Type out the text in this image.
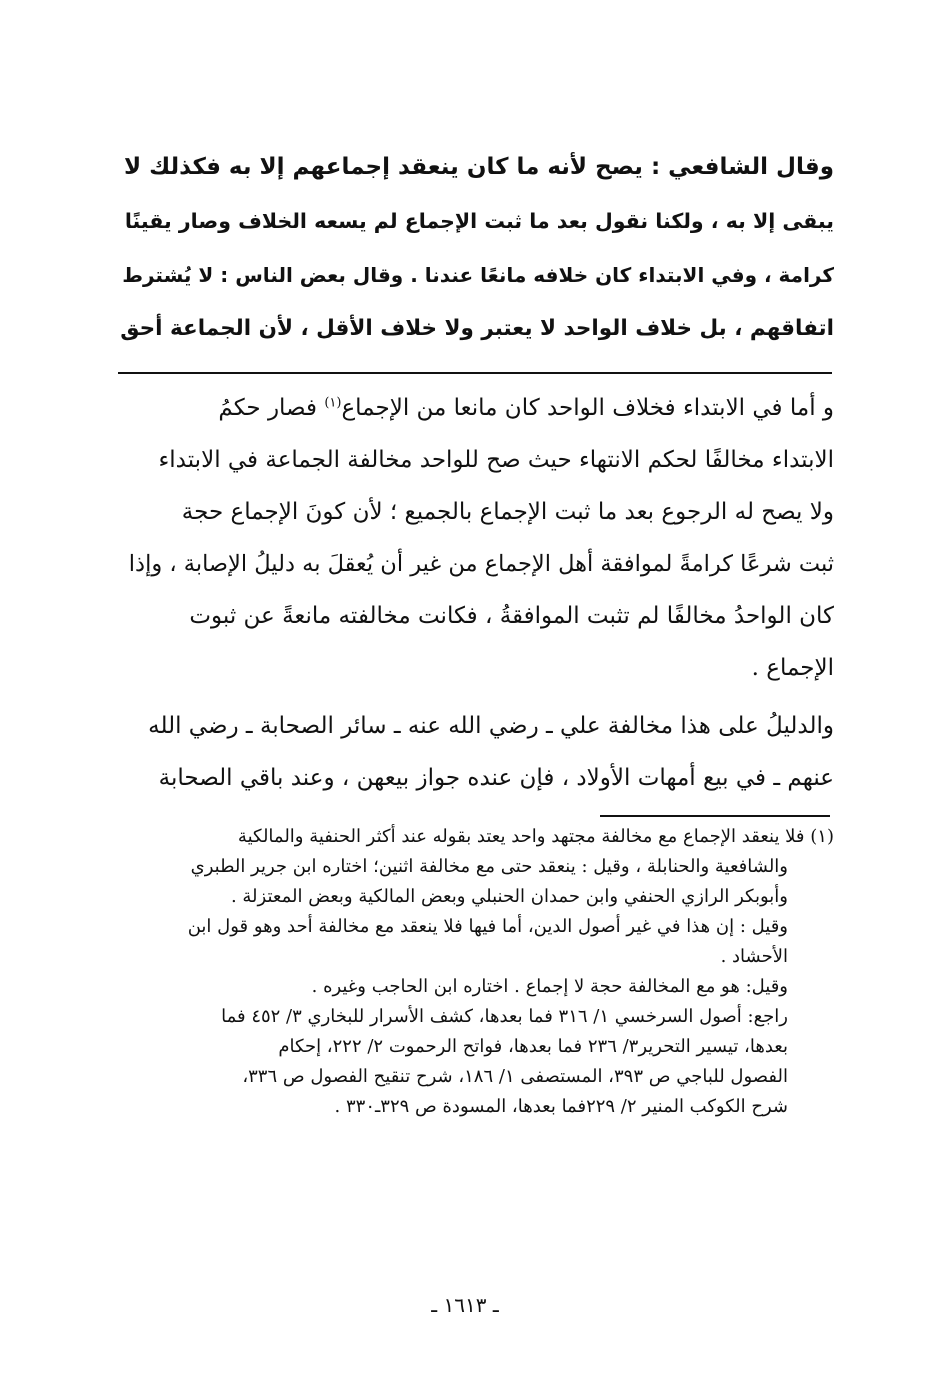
وقال الشافعي : يصح لأنه ما كان ينعقد إجماعهم إلا به فكذلك لا
يبقى إلا به ، ولكنا نقول بعد ما ثبت الإجماع لم يسعه الخلاف وصار يقينًا
كرامة ، وفي الابتداء كان خلافه مانعًا عندنا . وقال بعض الناس : لا يُشترط
اتفاقهم ، بل خلاف الواحد لا يعتبر ولا خلاف الأقل ، لأن الجماعة أحق
و أما في الابتداء فخلاف الواحد كان مانعا من الإجماع$^{(١)}$ فصار حكمُ
الابتداء مخالفًا لحكم الانتهاء حيث صح للواحد مخالفة الجماعة في الابتداء
ولا يصح له الرجوع بعد ما ثبت الإجماع بالجميع ؛ لأن كونَ الإجماع حجة
ثبت شرعًا كرامةً لموافقة أهل الإجماع من غير أن يُعقلَ به دليلُ الإصابة ، وإذا
كان الواحدُ مخالفًا لم تثبت الموافقةُ ، فكانت مخالفته مانعةً عن ثبوت
الإجماع .
والدليلُ على هذا مخالفة علي ـ رضي الله عنه ـ سائر الصحابة ـ رضي الله
عنهم ـ في بيع أمهات الأولاد ، فإن عنده جواز بيعهن ، وعند باقي الصحابة
(١) فلا ينعقد الإجماع مع مخالفة مجتهد واحد يعتد بقوله عند أكثر الحنفية والمالكية
والشافعية والحنابلة ، وقيل : ينعقد حتى مع مخالفة اثنين؛ اختاره ابن جرير الطبري
وأبوبكر الرازي الحنفي وابن حمدان الحنبلي وبعض المالكية وبعض المعتزلة .
وقيل : إن هذا في غير أصول الدين، أما فيها فلا ينعقد مع مخالفة أحد وهو قول ابن
الأحشاد .
وقيل: هو مع المخالفة حجة لا إجماع . اختاره ابن الحاجب وغيره .
راجع: أصول السرخسي ١/ ٣١٦ فما بعدها، كشف الأسرار للبخاري ٣/ ٤٥٢ فما
بعدها، تيسير التحرير٣/ ٢٣٦ فما بعدها، فواتح الرحموت ٢/ ٢٢٢، إحكام
الفصول للباجي ص ٣٩٣، المستصفى ١/ ١٨٦، شرح تنقيح الفصول ص ٣٣٦،
شرح الكوكب المنير ٢/ ٢٢٩فما بعدها، المسودة ص ٣٢٩ـ٣٣٠ .
ـ ١٦١٣ ـ
